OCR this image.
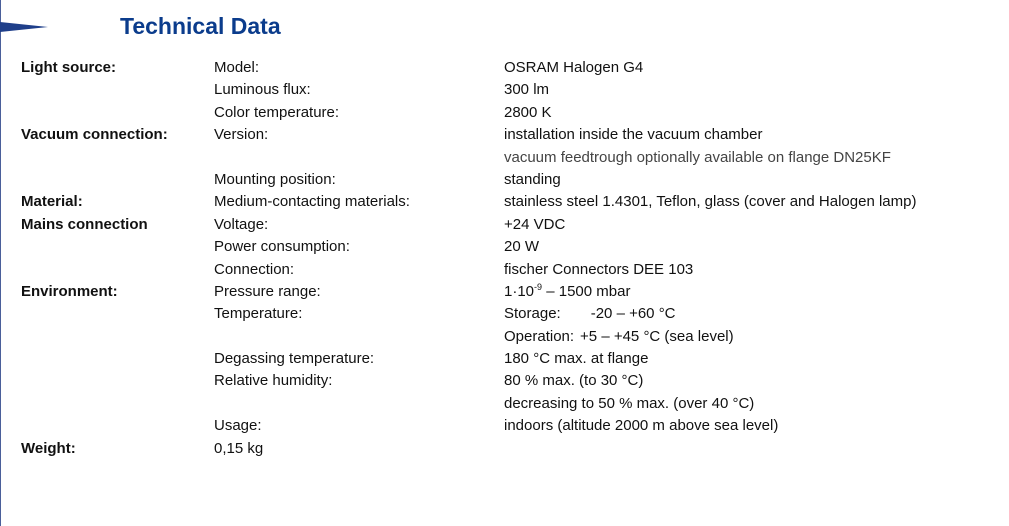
Technical Data
Light source:	Model:	OSRAM Halogen G4
Luminous flux:	300 lm
Color temperature:	2800 K
Vacuum connection:	Version:	installation inside the vacuum chamber
vacuum feedtrough optionally available on flange DN25KF
Mounting position:	standing
Material:	Medium-contacting materials:	stainless steel 1.4301, Teflon, glass (cover and Halogen lamp)
Mains connection	Voltage:	+24 VDC
Power consumption:	20 W
Connection:	fischer Connectors DEE 103
Environment:	Pressure range:	$1\cdot 10^{-9} - 1500$ mbar
Temperature:	Storage: -20 – +60 °C
Operation: +5 – +45 °C (sea level)
Degassing temperature:	180 °C max. at flange
Relative humidity:	80 % max. (to 30 °C)
decreasing to 50 % max. (over 40 °C)
Usage:	indoors (altitude 2000 m above sea level)
Weight:	0,15 kg
